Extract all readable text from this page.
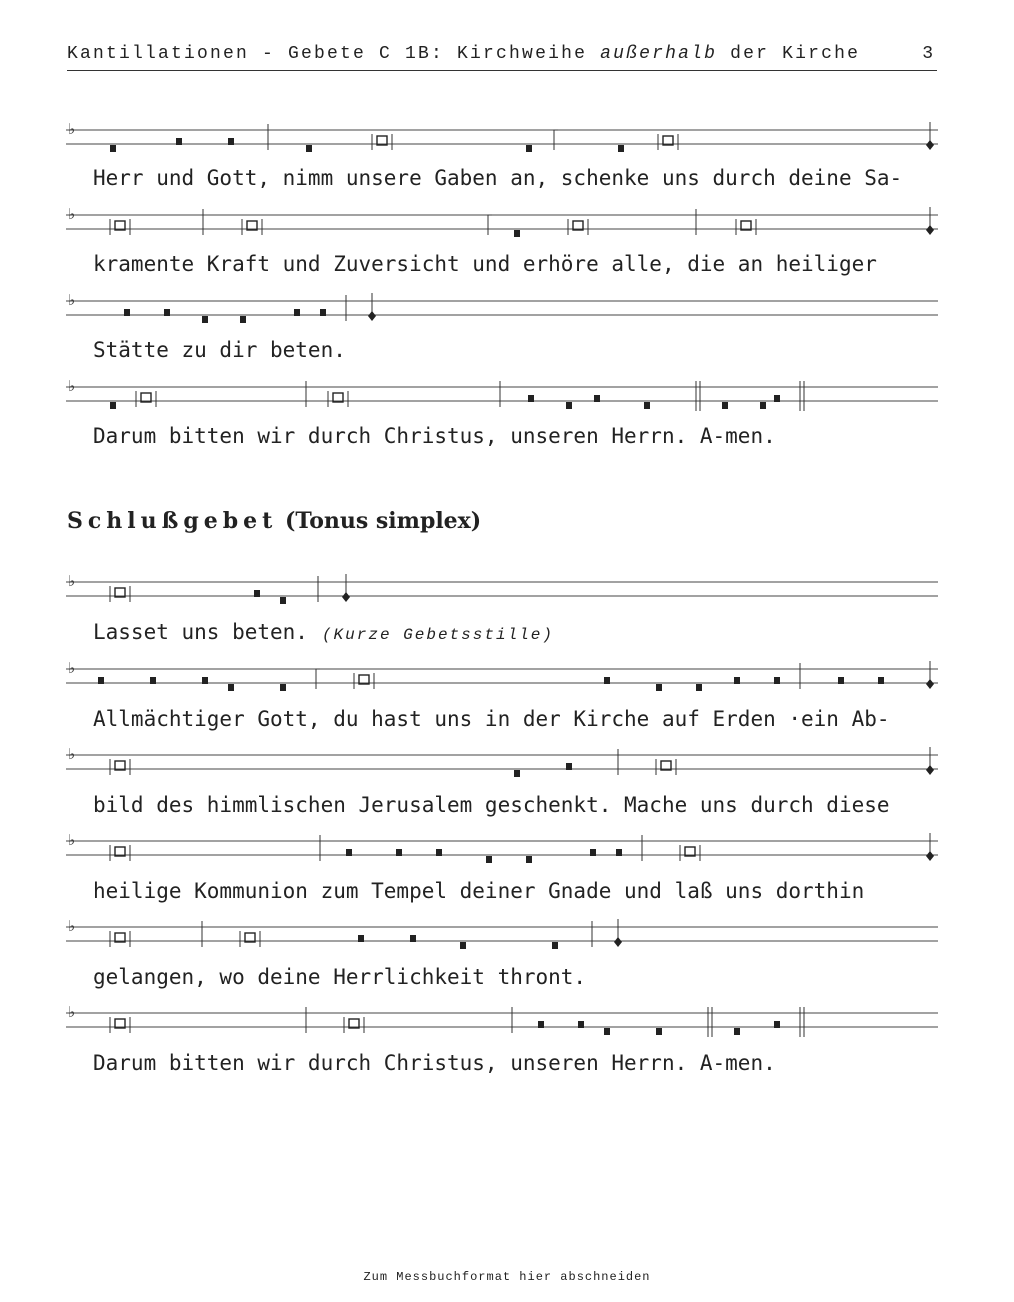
Kantillationen - Gebete C 1B: Kirchweihe außerhalb der Kirche	3
♭
Herr und Gott, nimm unsere Gaben an, schenke uns durch deine Sa-
♭
kramente Kraft und Zuversicht und erhöre alle, die an heiliger
♭
Stätte zu dir beten.
♭
Darum bitten wir durch Christus, unseren Herrn. A-men.
Schlußgebet (Tonus simplex)
♭
Lasset uns beten. (Kurze Gebetsstille)
♭
Allmächtiger Gott, du hast uns in der Kirche auf Erden ·ein Ab-
♭
bild des himmlischen Jerusalem geschenkt. Mache uns durch diese
♭
heilige Kommunion zum Tempel deiner Gnade und laß uns dorthin
♭
gelangen, wo deine Herrlichkeit thront.
♭
Darum bitten wir durch Christus, unseren Herrn. A-men.
Zum Messbuchformat hier abschneiden
